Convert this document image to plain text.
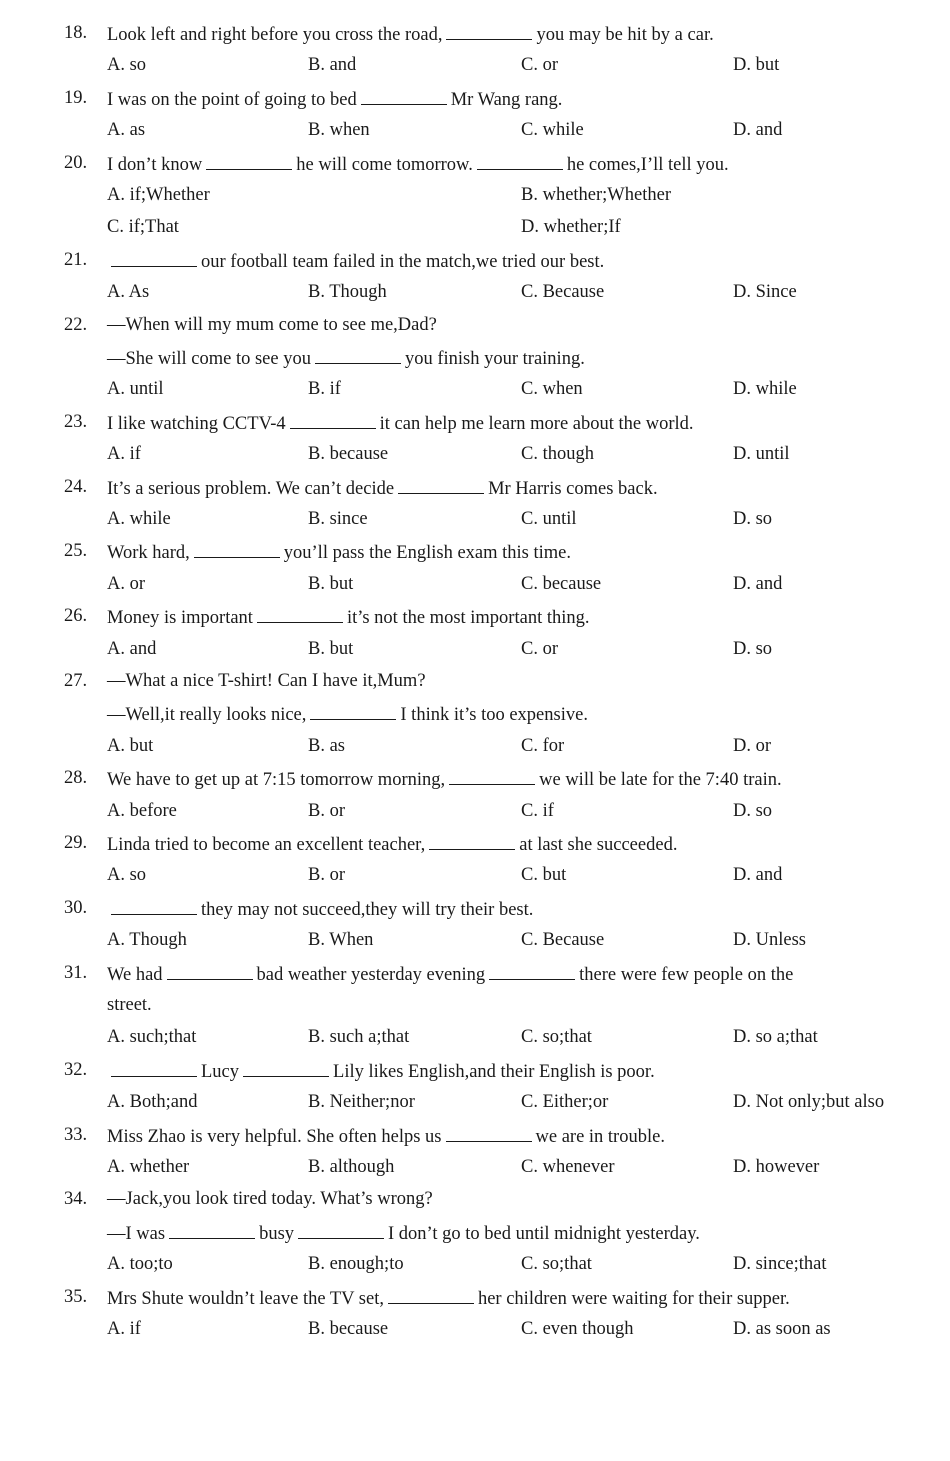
18. Look left and right before you cross the road,	you may be hit by a car.
A. so	B. and	C. or	D. but
19. I was on the point of going to bed	Mr Wang rang.
A. as	B. when	C. while	D. and
20. I don’t know	he will come tomorrow.	he comes,I’ll tell you.
A. if;Whether	B. whether;Whether
C. if;That	D. whether;If
21.	our football team failed in the match,we tried our best.
A. As	B. Though	C. Because	D. Since
22. —When will my mum come to see me,Dad?
—She will come to see you	you finish your training.
A. until	B. if	C. when	D. while
23. I like watching CCTV-4	it can help me learn more about the world.
A. if	B. because	C. though	D. until
24. It’s a serious problem. We can’t decide	Mr Harris comes back.
A. while	B. since	C. until	D. so
25. Work hard,	you’ll pass the English exam this time.
A. or	B. but	C. because	D. and
26. Money is important	it’s not the most important thing.
A. and	B. but	C. or	D. so
27. —What a nice T-shirt! Can I have it,Mum?
—Well,it really looks nice,	I think it’s too expensive.
A. but	B. as	C. for	D. or
28. We have to get up at 7:15 tomorrow morning,	we will be late for the 7:40 train.
A. before	B. or	C. if	D. so
29. Linda tried to become an excellent teacher,	at last she succeeded.
A. so	B. or	C. but	D. and
30.	they may not succeed,they will try their best.
A. Though	B. When	C. Because	D. Unless
31. We had	bad weather yesterday evening	there were few people on the
street.
A. such;that	B. such a;that	C. so;that	D. so a;that
32.	Lucy	Lily likes English,and their English is poor.
A. Both;and	B. Neither;nor	C. Either;or	D. Not only;but also
33. Miss Zhao is very helpful. She often helps us	we are in trouble.
A. whether	B. although	C. whenever	D. however
34. —Jack,you look tired today. What’s wrong?
—I was	busy	I don’t go to bed until midnight yesterday.
A. too;to	B. enough;to	C. so;that	D. since;that
35. Mrs Shute wouldn’t leave the TV set,	her children were waiting for their supper.
A. if	B. because	C. even though	D. as soon as
